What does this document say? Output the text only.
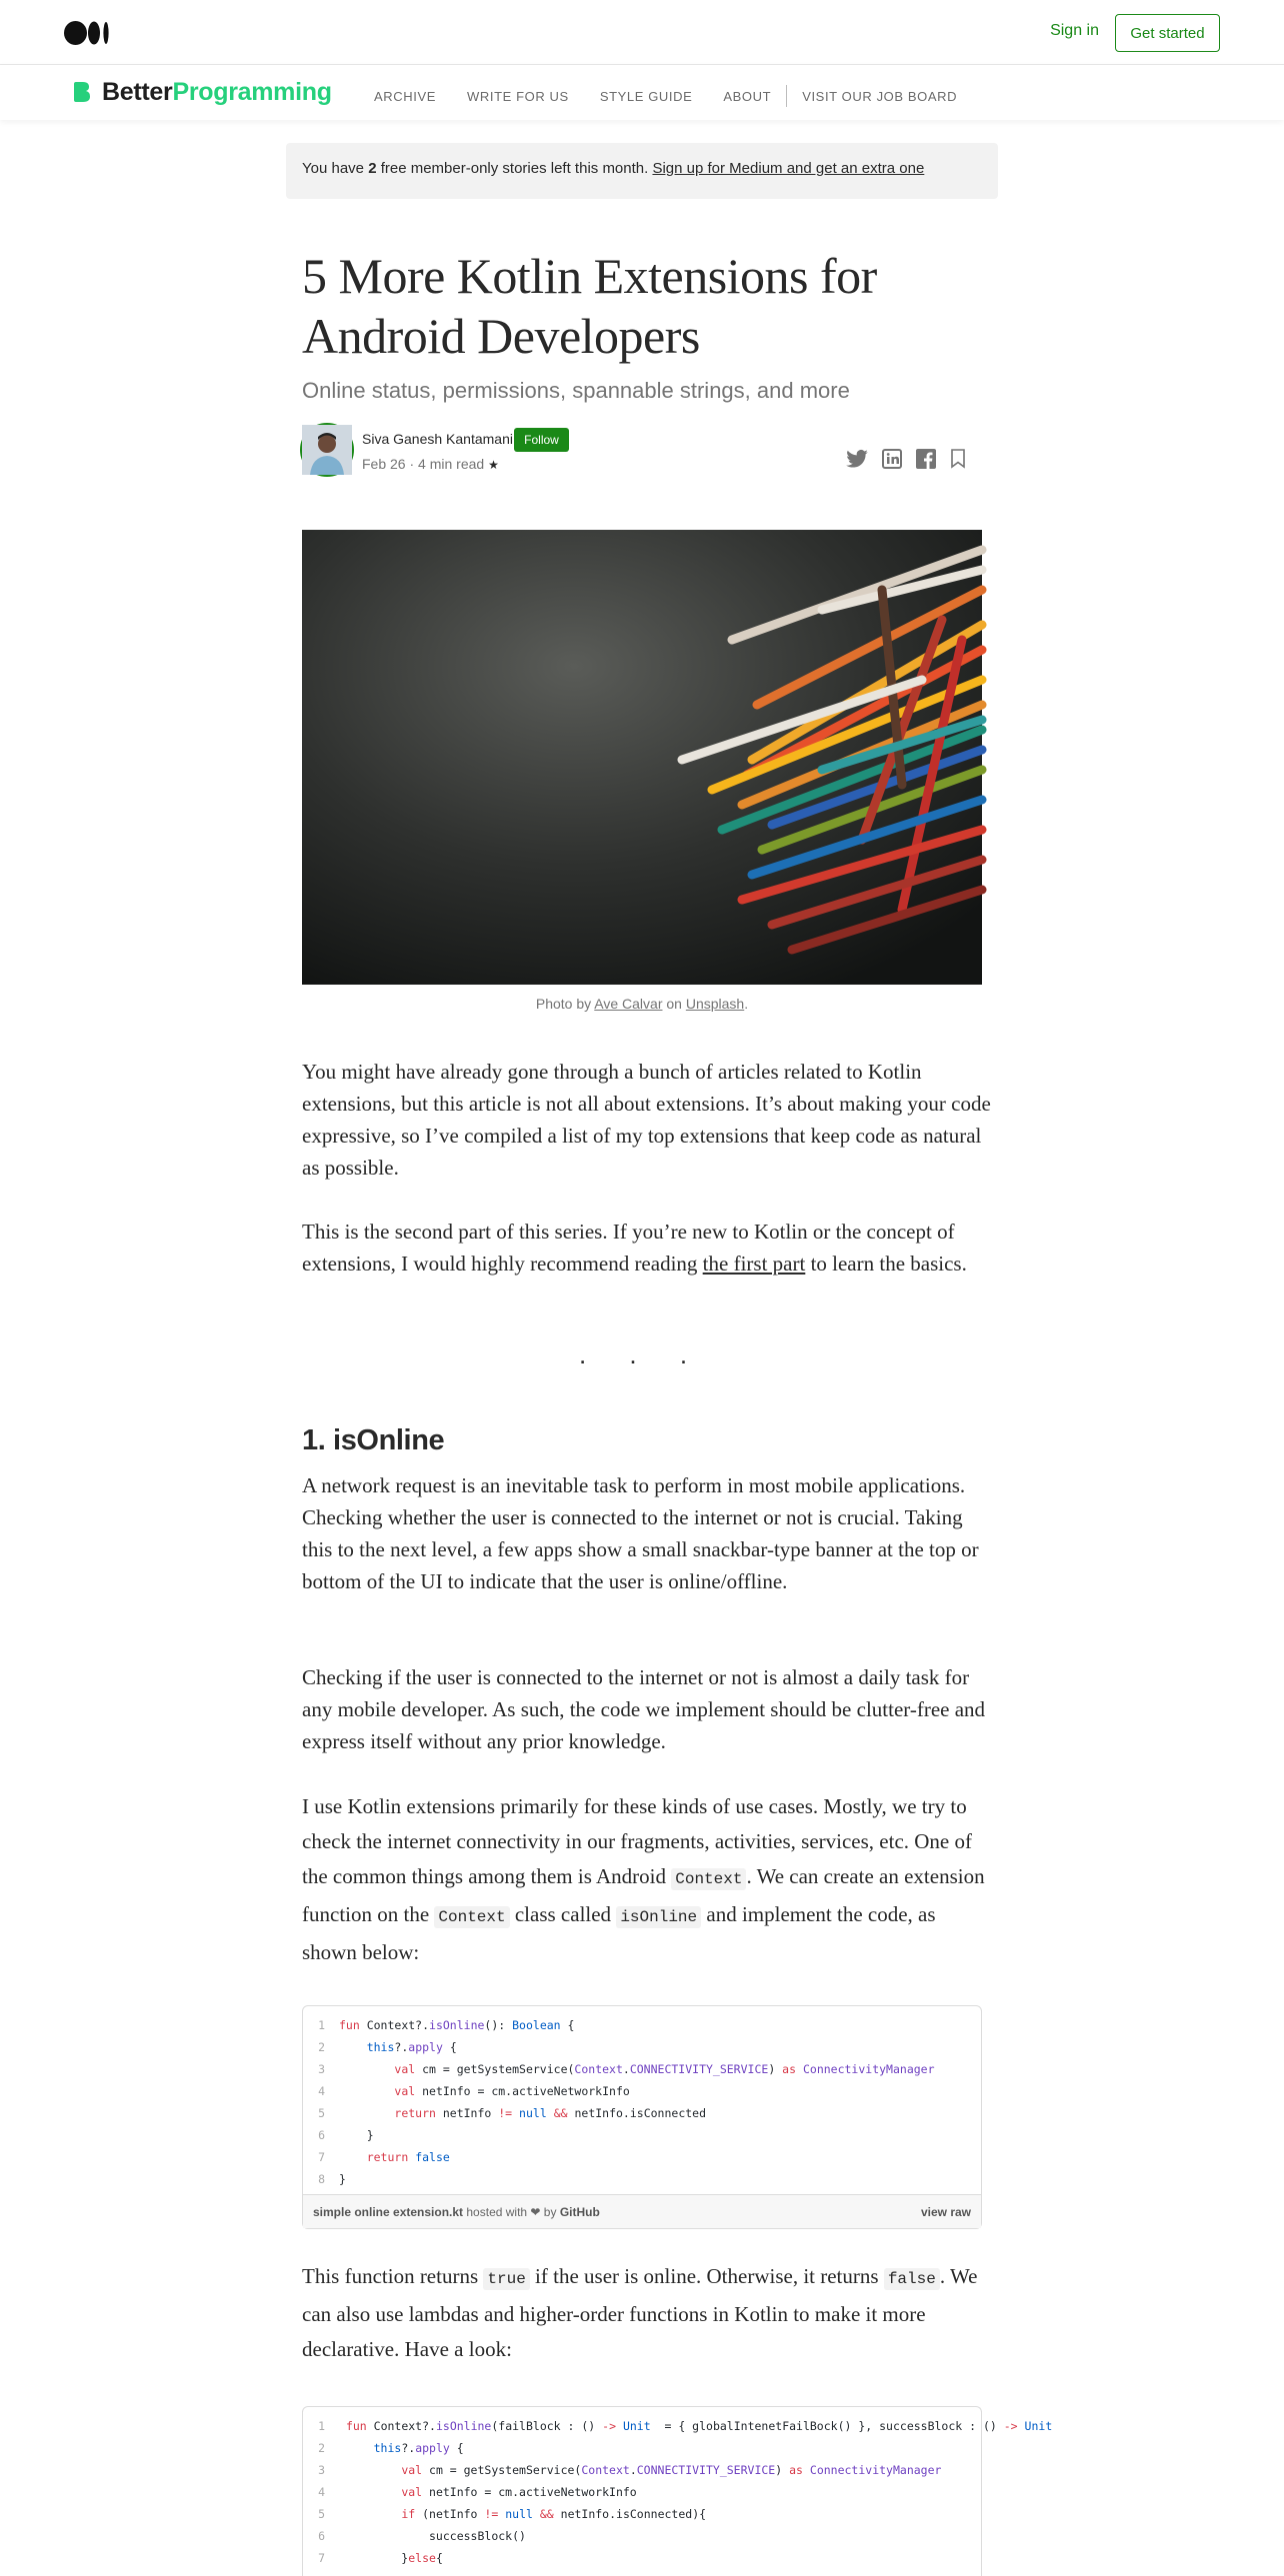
Sign in	Get started
BetterProgramming	ARCHIVE WRITE FOR US STYLE GUIDE ABOUT VISIT OUR JOB BOARD
You have 2 free member-only stories left this month. Sign up for Medium and get an extra one
5 More Kotlin Extensions for Android Developers
Online status, permissions, spannable strings, and more
Siva Ganesh Kantamani Follow
Feb 26 · 4 min read ★
Photo by Ave Calvar on Unsplash.
You might have already gone through a bunch of articles related to Kotlin extensions, but this article is not all about extensions. It’s about making your code expressive, so I’ve compiled a list of my top extensions that keep code as natural as possible.
This is the second part of this series. If you’re new to Kotlin or the concept of extensions, I would highly recommend reading the first part to learn the basics.
. . .
1. isOnline
A network request is an inevitable task to perform in most mobile applications. Checking whether the user is connected to the internet or not is crucial. Taking this to the next level, a few apps show a small snackbar-type banner at the top or bottom of the UI to indicate that the user is online/offline.
Checking if the user is connected to the internet or not is almost a daily task for any mobile developer. As such, the code we implement should be clutter-free and express itself without any prior knowledge.
I use Kotlin extensions primarily for these kinds of use cases. Mostly, we try to check the internet connectivity in our fragments, activities, services, etc. One of the common things among them is Android Context . We can create an extension function on the Context class called isOnline and implement the code, as shown below:
1	fun Context?.isOnline(): Boolean {
2	this?.apply {
3	val cm = getSystemService(Context.CONNECTIVITY_SERVICE) as ConnectivityManager
4	val netInfo = cm.activeNetworkInfo
5	return netInfo != null && netInfo.isConnected
6	}
7	return false
8	}
simple online extension.kt hosted with ❤ by GitHub	view raw
This function returns true if the user is online. Otherwise, it returns false . We can also use lambdas and higher-order functions in Kotlin to make it more declarative. Have a look:
1	fun Context?.isOnline(failBlock : () -> Unit  = { globalIntenetFailBock() }, successBlock : () -> Unit
2	this?.apply {
3	val cm = getSystemService(Context.CONNECTIVITY_SERVICE) as ConnectivityManager
4	val netInfo = cm.activeNetworkInfo
5	if (netInfo != null && netInfo.isConnected){
6	successBlock()
7	}else{
